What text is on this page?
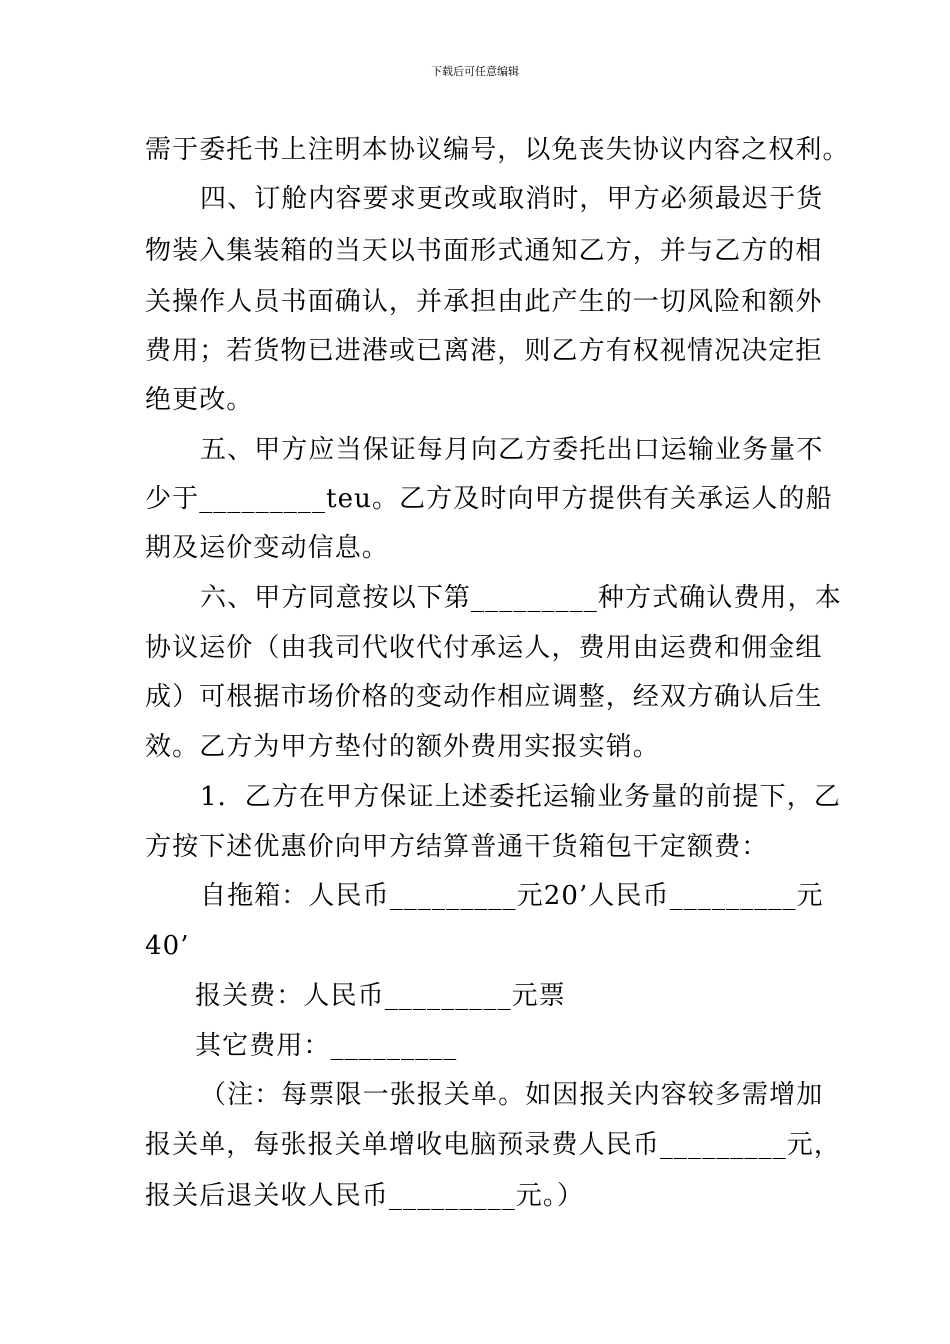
下载后可任意编辑
需于委托书上注明本协议编号，以免丧失协议内容之权利。
四、订舱内容要求更改或取消时，甲方必须最迟于货
物装入集装箱的当天以书面形式通知乙方，并与乙方的相
关操作人员书面确认，并承担由此产生的一切风险和额外
费用；若货物已进港或已离港，则乙方有权视情况决定拒
绝更改。
五、甲方应当保证每月向乙方委托出口运输业务量不
少于_________teu。乙方及时向甲方提供有关承运人的船
期及运价变动信息。
六、甲方同意按以下第_________种方式确认费用，本
协议运价（由我司代收代付承运人，费用由运费和佣金组
成）可根据市场价格的变动作相应调整，经双方确认后生
效。乙方为甲方垫付的额外费用实报实销。
1．乙方在甲方保证上述委托运输业务量的前提下，乙
方按下述优惠价向甲方结算普通干货箱包干定额费：
自拖箱：人民币_________元20’人民币_________元
40’
报关费：人民币_________元票
其它费用：_________
（注：每票限一张报关单。如因报关内容较多需增加
报关单，每张报关单增收电脑预录费人民币_________元，
报关后退关收人民币_________元。）
